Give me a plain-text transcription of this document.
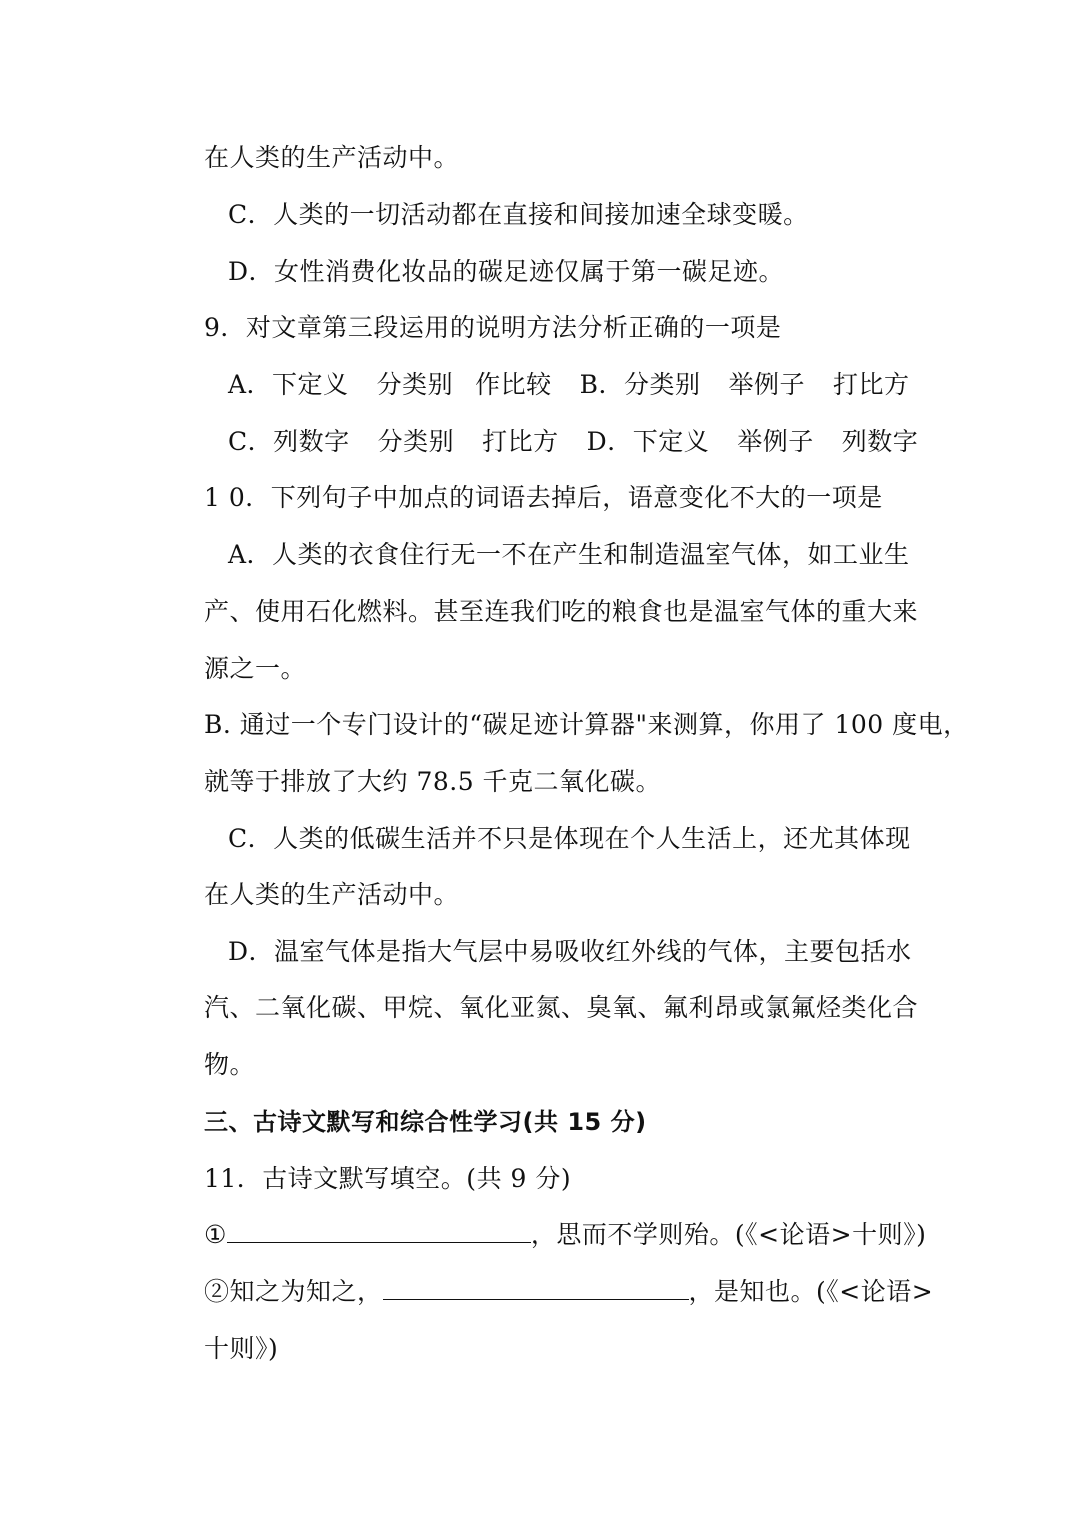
在人类的生产活动中。
C．人类的一切活动都在直接和间接加速全球变暖。
D．女性消费化妆品的碳足迹仅属于第一碳足迹。
9．对文章第三段运用的说明方法分析正确的一项是
A．下定义 分类别 作比较 B．分类别 举例子 打比方
C．列数字 分类别 打比方 D．下定义 举例子 列数字
1 0．下列句子中加点的词语去掉后，语意变化不大的一项是
A．人类的衣食住行无一不在产生和制造温室气体，如工业生
产、使用石化燃料。甚至连我们吃的粮食也是温室气体的重大来
源之一。
B. 通过一个专门设计的“碳足迹计算器"来测算，你用了 100 度电，
就等于排放了大约 78.5 千克二氧化碳。
C．人类的低碳生活并不只是体现在个人生活上，还尤其体现
在人类的生产活动中。
D．温室气体是指大气层中易吸收红外线的气体，主要包括水
汽、二氧化碳、甲烷、氧化亚氮、臭氧、氟利昂或氯氟烃类化合
物。
三、古诗文默写和综合性学习(共 15 分)
11．古诗文默写填空。(共 9 分)
①	，思而不学则殆。(《<论语>十则》)
②知之为知之，	，是知也。(《<论语>
十则》)
